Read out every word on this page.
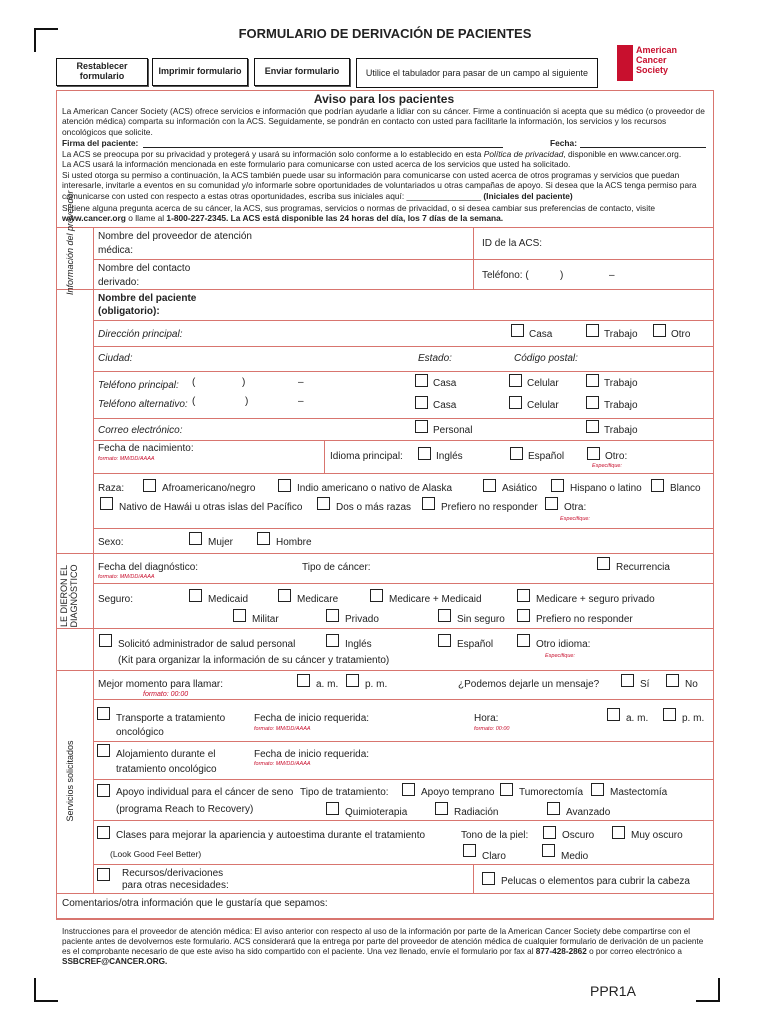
FORMULARIO DE DERIVACIÓN DE PACIENTES
Restablecer formulario	Imprimir formulario	Enviar formulario	Utilice el tabulador para pasar de un campo al siguiente
American
Cancer
Society
Aviso para los pacientes
La American Cancer Society (ACS) ofrece servicios e información que podrían ayudarle a lidiar con su cáncer. Firme a continuación si acepta que su médico (o proveedor de atención médica) comparta su información con la ACS. Seguidamente, se pondrán en contacto con usted para facilitarle la información, los servicios y los recursos oncológicos que solicite.
Firma del paciente:	Fecha:
La ACS se preocupa por su privacidad y protegerá y usará su información solo conforme a lo establecido en esta Política de privacidad, disponible en www.cancer.org.
La ACS usará la información mencionada en este formulario para comunicarse con usted acerca de los servicios que usted ha solicitado.
Si usted otorga su permiso a continuación, la ACS también puede usar su información para comunicarse con usted acerca de otros programas y servicios que puedan interesarle, invitarle a eventos en su comunidad y/o informarle sobre oportunidades de voluntariados u otras campañas de apoyo. Si desea que la ACS tenga permiso para comunicarse con usted con respecto a estas otras oportunidades, escriba sus iniciales aquí: ________________ (Iniciales del paciente)
Si tiene alguna pregunta acerca de su cáncer, la ACS, sus programas, servicios o normas de privacidad, o si desea cambiar sus preferencias de contacto, visite www.cancer.org o llame al 1-800-227-2345. La ACS está disponible las 24 horas del día, los 7 días de la semana.
Información del proveedor
LE DIERON EL DIAGNÓSTICO
Servicios solicitados
Nombre del proveedor de atención médica:
ID de la ACS:
Nombre del contacto derivado:
Teléfono: (	)	–
Nombre del paciente (obligatorio):
Dirección principal:	Casa	Trabajo	Otro
Ciudad:	Estado:	Código postal:
Teléfono principal: (	)	–	Casa	Celular	Trabajo
Teléfono alternativo: (	)	–	Casa	Celular	Trabajo
Correo electrónico:	Personal	Trabajo
Fecha de nacimiento:
formato: MM/DD/AAAA	Idioma principal:	Inglés	Español	Otro:
Especifique:
Raza:	Afroamericano/negro	Indio americano o nativo de Alaska	Asiático	Hispano o latino	Blanco
Nativo de Hawái u otras islas del Pacífico	Dos o más razas	Prefiero no responder	Otra:
Especifique:
Sexo:	Mujer	Hombre
Fecha del diagnóstico:
formato: MM/DD/AAAA
Tipo de cáncer:	Recurrencia
Seguro:	Medicaid	Medicare	Medicare + Medicaid	Medicare + seguro privado
Militar	Privado	Sin seguro	Prefiero no responder
Solicitó administrador de salud personal
(Kit para organizar la información de su cáncer y tratamiento)
Inglés	Español	Otro idioma:
Especifique:
Mejor momento para llamar:
formato: 00:00
a. m.	p. m.	¿Podemos dejarle un mensaje?	Sí	No
Transporte a tratamiento
oncológico
Fecha de inicio requerida:
formato: MM/DD/AAAA
Hora:
formato: 00:00
a. m.	p. m.
Alojamiento durante el
tratamiento oncológico
Fecha de inicio requerida:
formato: MM/DD/AAAA
Apoyo individual para el cáncer de seno
(programa Reach to Recovery)
Tipo de tratamiento:	Apoyo temprano Tumorectomía	Mastectomía
Quimioterapia	Radiación	Avanzado
Clases para mejorar la apariencia y autoestima durante el tratamiento
(Look Good Feel Better)
Tono de la piel:	Oscuro	Muy oscuro
Claro	Medio
Recursos/derivaciones
para otras necesidades:	Pelucas o elementos para cubrir la cabeza
Comentarios/otra información que le gustaría que sepamos:
Instrucciones para el proveedor de atención médica: El aviso anterior con respecto al uso de la información por parte de la American Cancer Society debe compartirse con el paciente antes de devolvernos este formulario. ACS considerará que la entrega por parte del proveedor de atención médica de cualquier formulario de derivación de un paciente es el comprobante necesario de que este aviso ha sido compartido con el paciente. Una vez llenado, envíe el formulario por fax al 877-428-2862 o por correo electrónico a SSBCREF@CANCER.ORG.
PPR1A
